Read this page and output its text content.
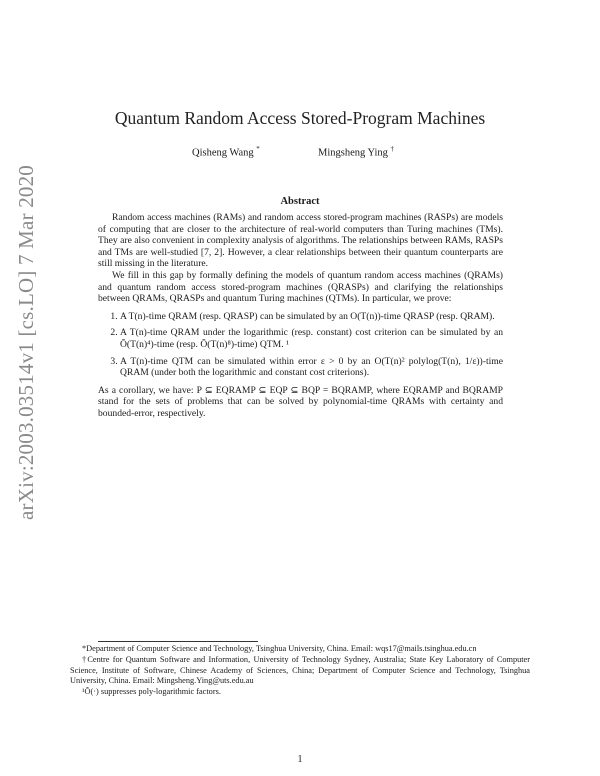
arXiv:2003.03514v1 [cs.LO] 7 Mar 2020
Quantum Random Access Stored-Program Machines
Qisheng Wang *	Mingsheng Ying †
Abstract

Random access machines (RAMs) and random access stored-program machines (RASPs) are models of computing that are closer to the architecture of real-world computers than Turing machines (TMs). They are also convenient in complexity analysis of algorithms. The relationships between RAMs, RASPs and TMs are well-studied [7, 2]. However, a clear relationships between their quantum counterparts are still missing in the literature.

We fill in this gap by formally defining the models of quantum random access machines (QRAMs) and quantum random access stored-program machines (QRASPs) and clarifying the relationships between QRAMs, QRASPs and quantum Turing machines (QTMs). In particular, we prove:

1. A T(n)-time QRAM (resp. QRASP) can be simulated by an O(T(n))-time QRASP (resp. QRAM).
2. A T(n)-time QRAM under the logarithmic (resp. constant) cost criterion can be simulated by an Õ(T(n)⁴)-time (resp. Õ(T(n)⁸)-time) QTM. ¹
3. A T(n)-time QTM can be simulated within error ε > 0 by an O(T(n)² polylog(T(n), 1/ε))-time QRAM (under both the logarithmic and constant cost criterions).

As a corollary, we have: P ⊆ EQRAMP ⊆ EQP ⊆ BQP = BQRAMP, where EQRAMP and BQRAMP stand for the sets of problems that can be solved by polynomial-time QRAMs with certainty and bounded-error, respectively.

*Department of Computer Science and Technology, Tsinghua University, China. Email: wqs17@mails.tsinghua.edu.cn

†Centre for Quantum Software and Information, University of Technology Sydney, Australia; State Key Laboratory of Computer Science, Institute of Software, Chinese Academy of Sciences, China; Department of Computer Science and Technology, Tsinghua University, China. Email: Mingsheng.Ying@uts.edu.au

¹Õ(·) suppresses poly-logarithmic factors.

1
